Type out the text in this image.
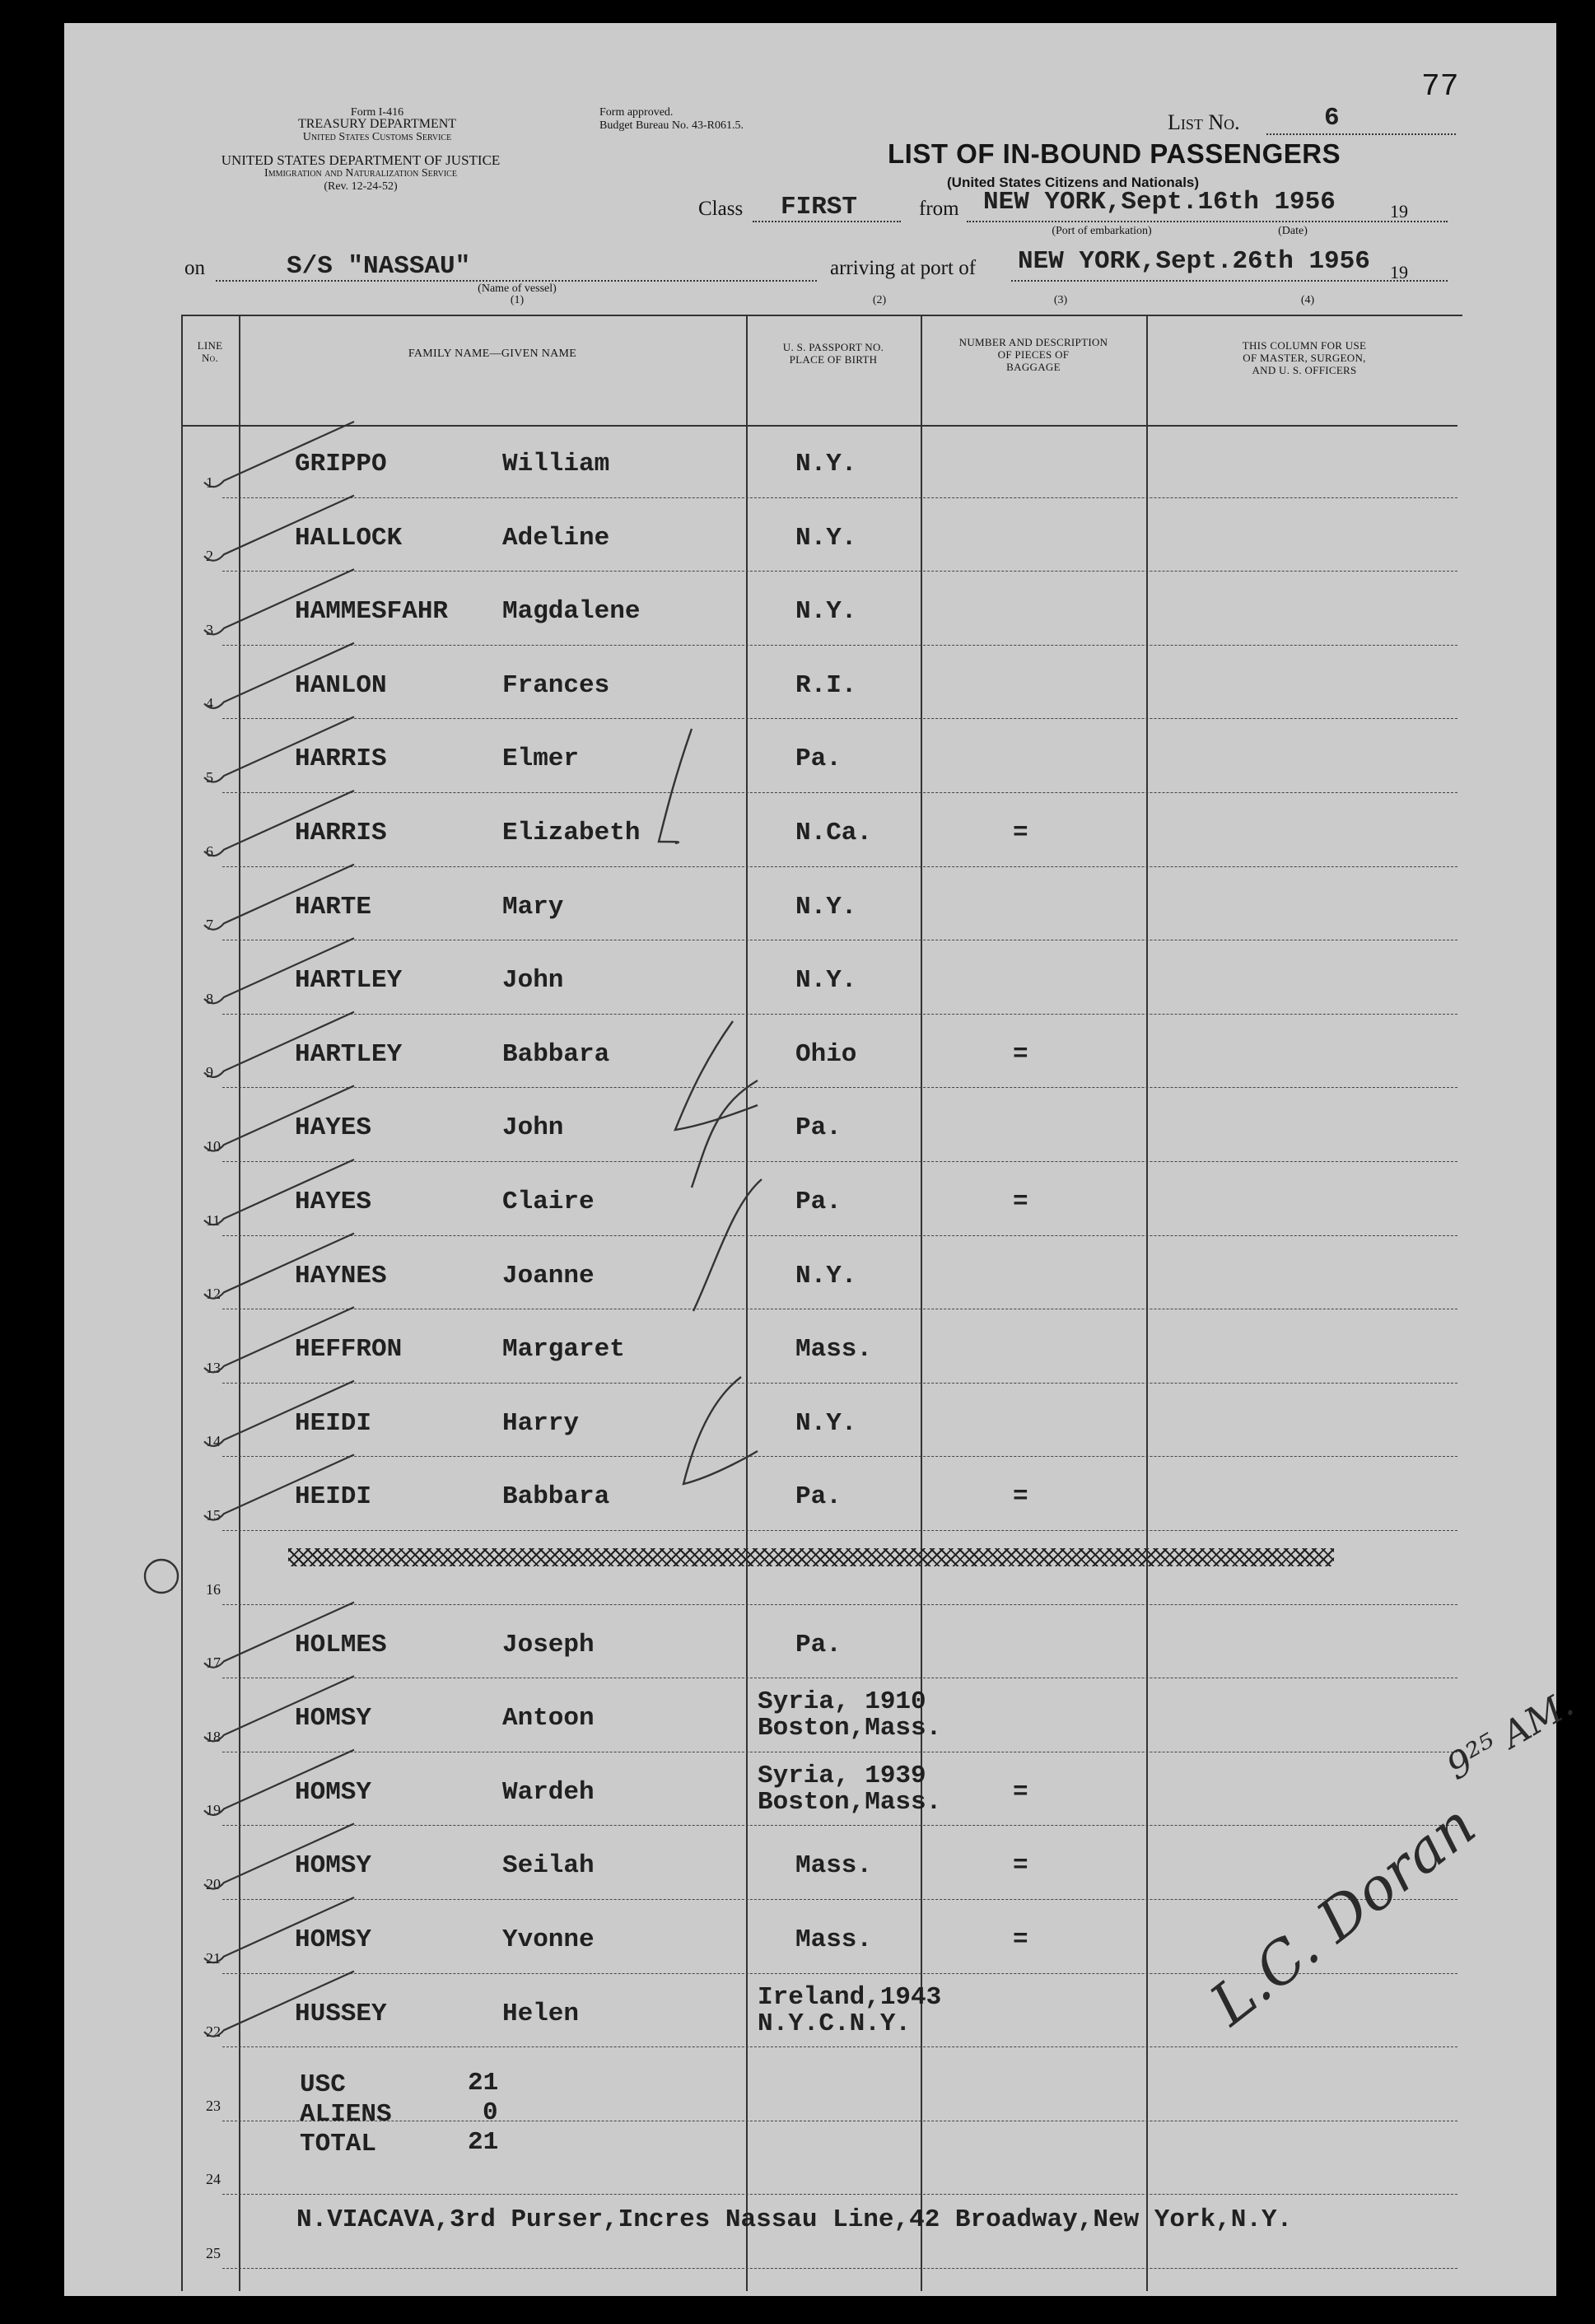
77
Form I-416
TREASURY DEPARTMENT
United States Customs Service
UNITED STATES DEPARTMENT OF JUSTICE
Immigration and Naturalization Service
(Rev. 12-24-52)
Form approved.
Budget Bureau No. 43-R061.5.	List No.	6
LIST OF IN-BOUND PASSENGERS
(United States Citizens and Nationals)
Class FIRST	from NEW YORK,Sept.16th 1956	19
(Port of embarkation)	(Date)
on	S/S "NASSAU"
(Name of vessel)
(1)
arriving at port of NEW YORK,Sept.26th 1956 19
(2)	(3)	(4)
LINE
No.	FAMILY NAME—GIVEN NAME
U. S. PASSPORT NO.
PLACE OF BIRTH
NUMBER AND DESCRIPTION
OF PIECES OF
BAGGAGE
THIS COLUMN FOR USE
OF MASTER, SURGEON,
AND U. S. OFFICERS
1
GRIPPO	William	N.Y.
2
HALLOCK	Adeline	N.Y.
3
HAMMESFAHR Magdalene	N.Y.
4
HANLON	Frances	R.I.
5
HARRIS	Elmer	Pa.
6
HARRIS	Elizabeth	N.Ca.	=
7
HARTE	Mary	N.Y.
8
HARTLEY	John	N.Y.
9
HARTLEY	Babbara	Ohio	=
10
HAYES	John	Pa.
11
HAYES	Claire	Pa.	=
12
HAYNES	Joanne	N.Y.
13
HEFFRON	Margaret	Mass.
14
HEIDI	Harry	N.Y.
15
HEIDI	Babbara	Pa.	=
16
17
HOLMES	Joseph	Pa.
18
HOMSY	Antoon
Syria, 1910
Boston,Mass.
19
HOMSY	Wardeh
Syria, 1939
Boston,Mass.	=
20
HOMSY	Seilah	Mass.	=
21
HOMSY	Yvonne	Mass.	=
22
HUSSEY	Helen
Ireland,1943
N.Y.C.N.Y.
23
24
25
USC	21
ALIENS	0
TOTAL	21
N.VIACAVA,3rd Purser,Incres Nassau Line,42 Broadway,New York,N.Y.
L.C. Doran
9²⁵ AM.
